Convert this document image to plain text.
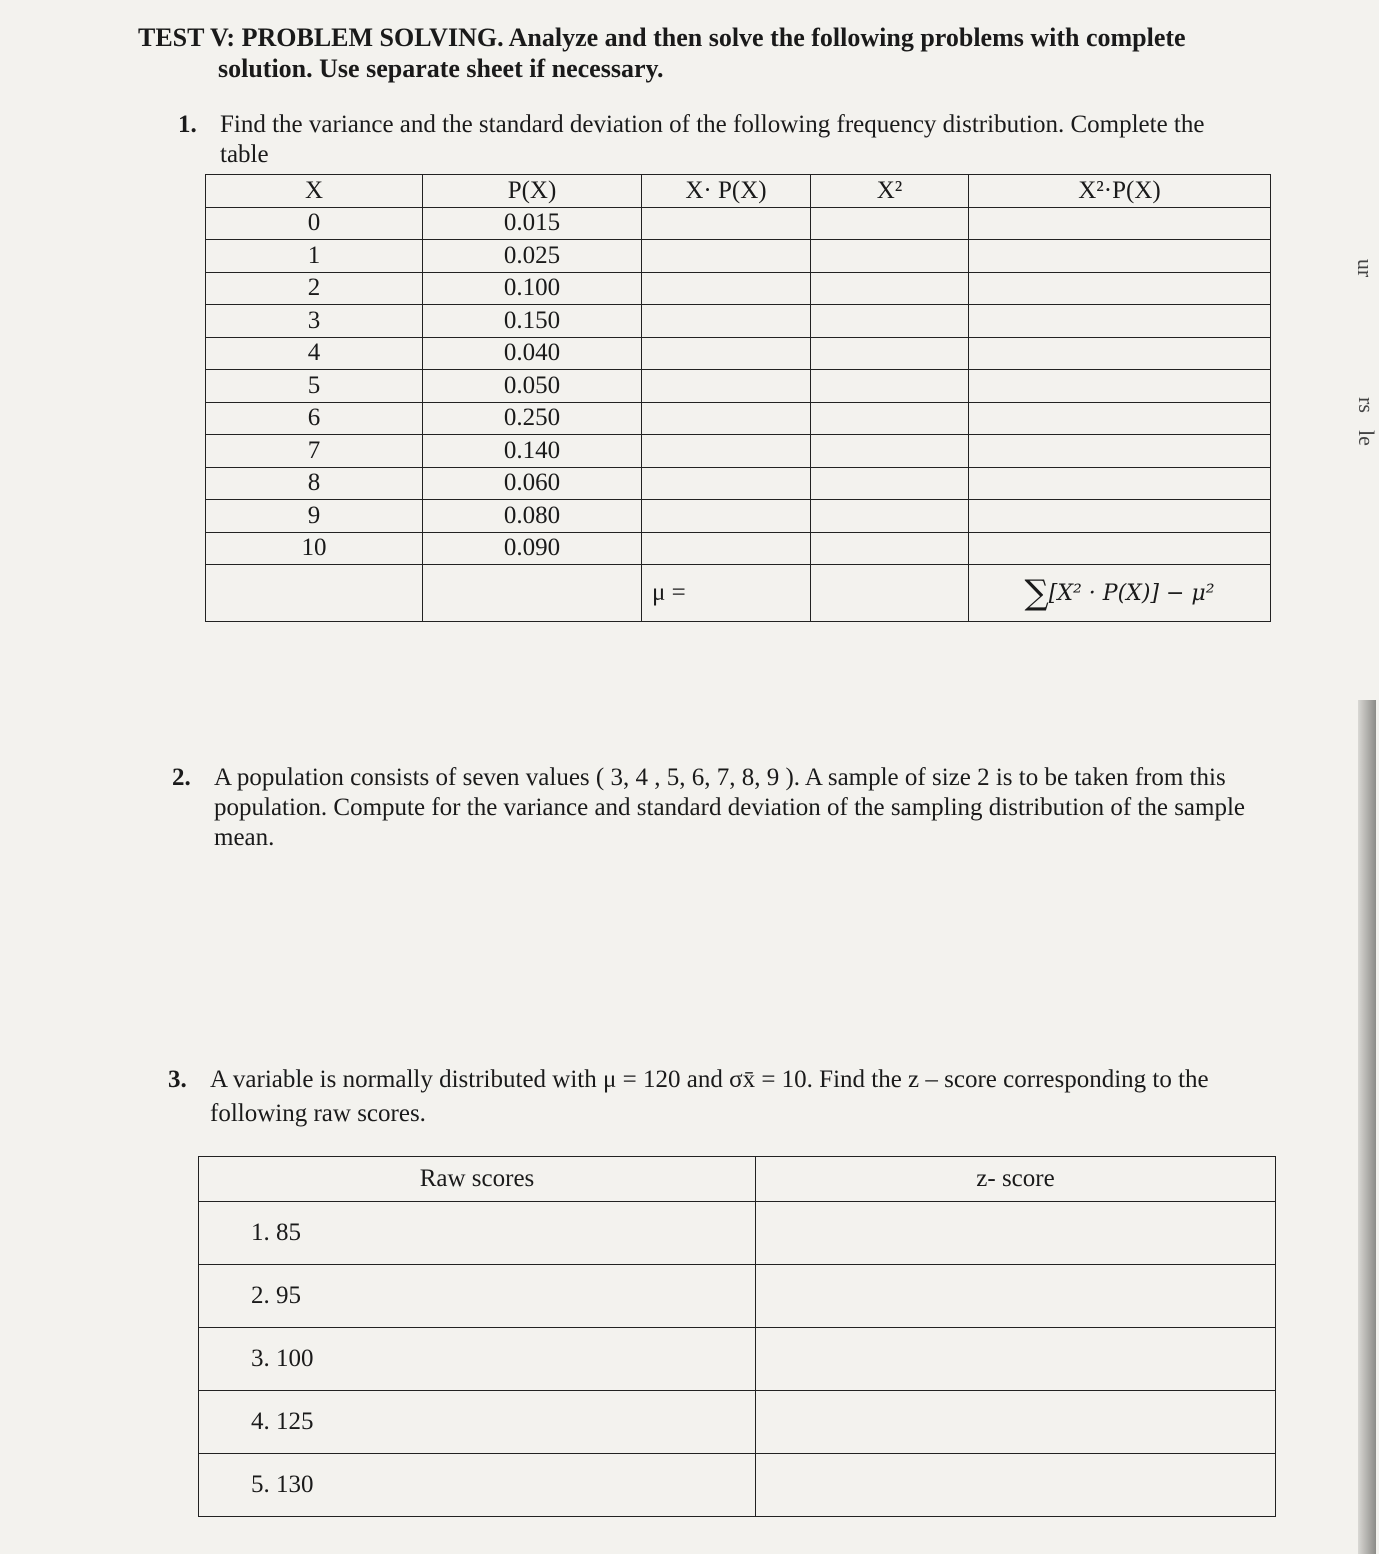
ur
rs
le
TEST V: PROBLEM SOLVING. Analyze and then solve the following problems with complete
solution. Use separate sheet if necessary.
1. Find the variance and the standard deviation of the following frequency distribution. Complete the table
X	P(X)	X· P(X)	X²	X²·P(X)
0	0.015			
1	0.025			
2	0.100			
3	0.150			
4	0.040			
5	0.050			
6	0.250			
7	0.140			
8	0.060			
9	0.080			
10	0.090			
		μ =		∑[X² · P(X)] − μ²
2. A population consists of seven values ( 3, 4 , 5, 6, 7, 8, 9 ). A sample of size 2 is to be taken from this population. Compute for the variance and standard deviation of the sampling distribution of the sample mean.
3. A variable is normally distributed with μ = 120 and σx̄ = 10. Find the z – score corresponding to the following raw scores.
Raw scores	z- score
1. 85	
2. 95	
3. 100	
4. 125	
5. 130	
